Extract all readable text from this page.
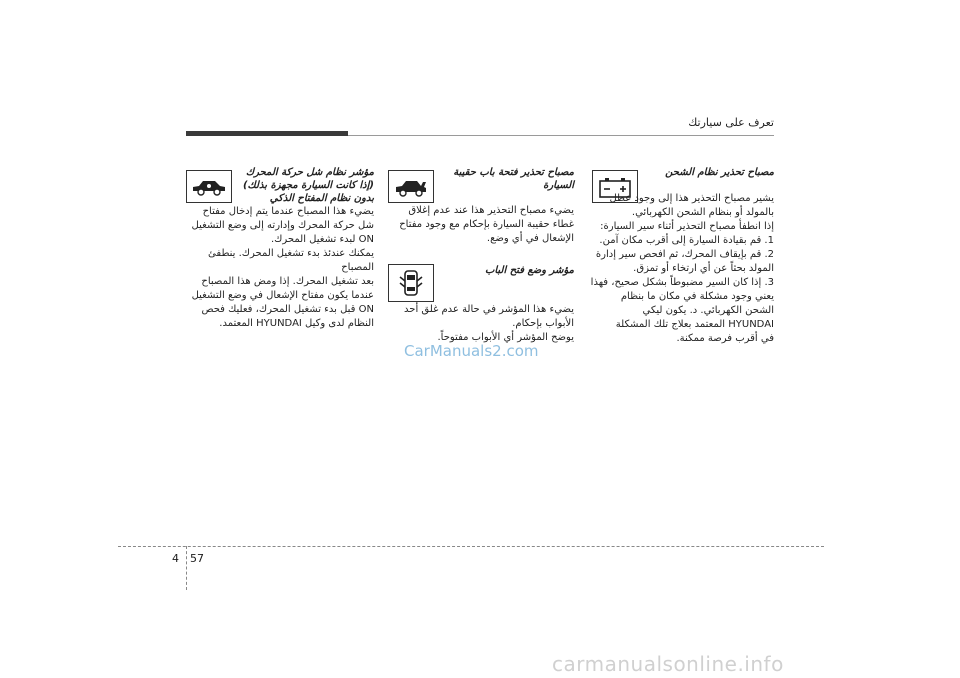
تعرف على سيارتك

مصباح تحذير نظام الشحن

يشير مصباح التحذير هذا إلى وجود عطل

بالمولد أو بنظام الشحن الكهربائي.

إذا انطفأ مصباح التحذير أثناء سير السيارة:

1. قم بقيادة السيارة إلى أقرب مكان آمن.

2. قم بإيقاف المحرك، ثم افحص سير إدارة

المولد بحثاً عن أي ارتخاء أو تمزق.

3. إذا كان السير مضبوطاً بشكل صحيح، فهذا

يعني وجود مشكلة في مكان ما بنظام

الشحن الكهربائي. د. يكون ليكي

HYUNDAI المعتمد بعلاج تلك المشكلة

في أقرب فرصة ممكنة.

مصباح تحذير فتحة باب حقيبة

السيارة

يضيء مصباح التحذير هذا عند عدم إغلاق

غطاء حقيبة السيارة بإحكام مع وجود مفتاح

الإشعال في أي وضع.

مؤشر وضع فتح الباب

يضيء هذا المؤشر في حالة عدم غلق أحد

الأبواب بإحكام.

يوضح المؤشر أي الأبواب مفتوحاً.

مؤشر نظام شل حركة المحرك

(إذا كانت السيارة مجهزة بذلك)

بدون نظام المفتاح الذكي

يضيء هذا المصباح عندما يتم إدخال مفتاح

شل حركة المحرك وإدارته إلى وضع التشغيل

ON لبدء تشغيل المحرك.

يمكنك عندئذ بدء تشغيل المحرك. ينطفئ المصباح

بعد تشغيل المحرك. إذا ومض هذا المصباح

عندما يكون مفتاح الإشعال في وضع التشغيل

ON قبل بدء تشغيل المحرك، فعليك فحص

النظام لدى وكيل HYUNDAI المعتمد.

CarManuals2.com
4 57
carmanualsonline.info
